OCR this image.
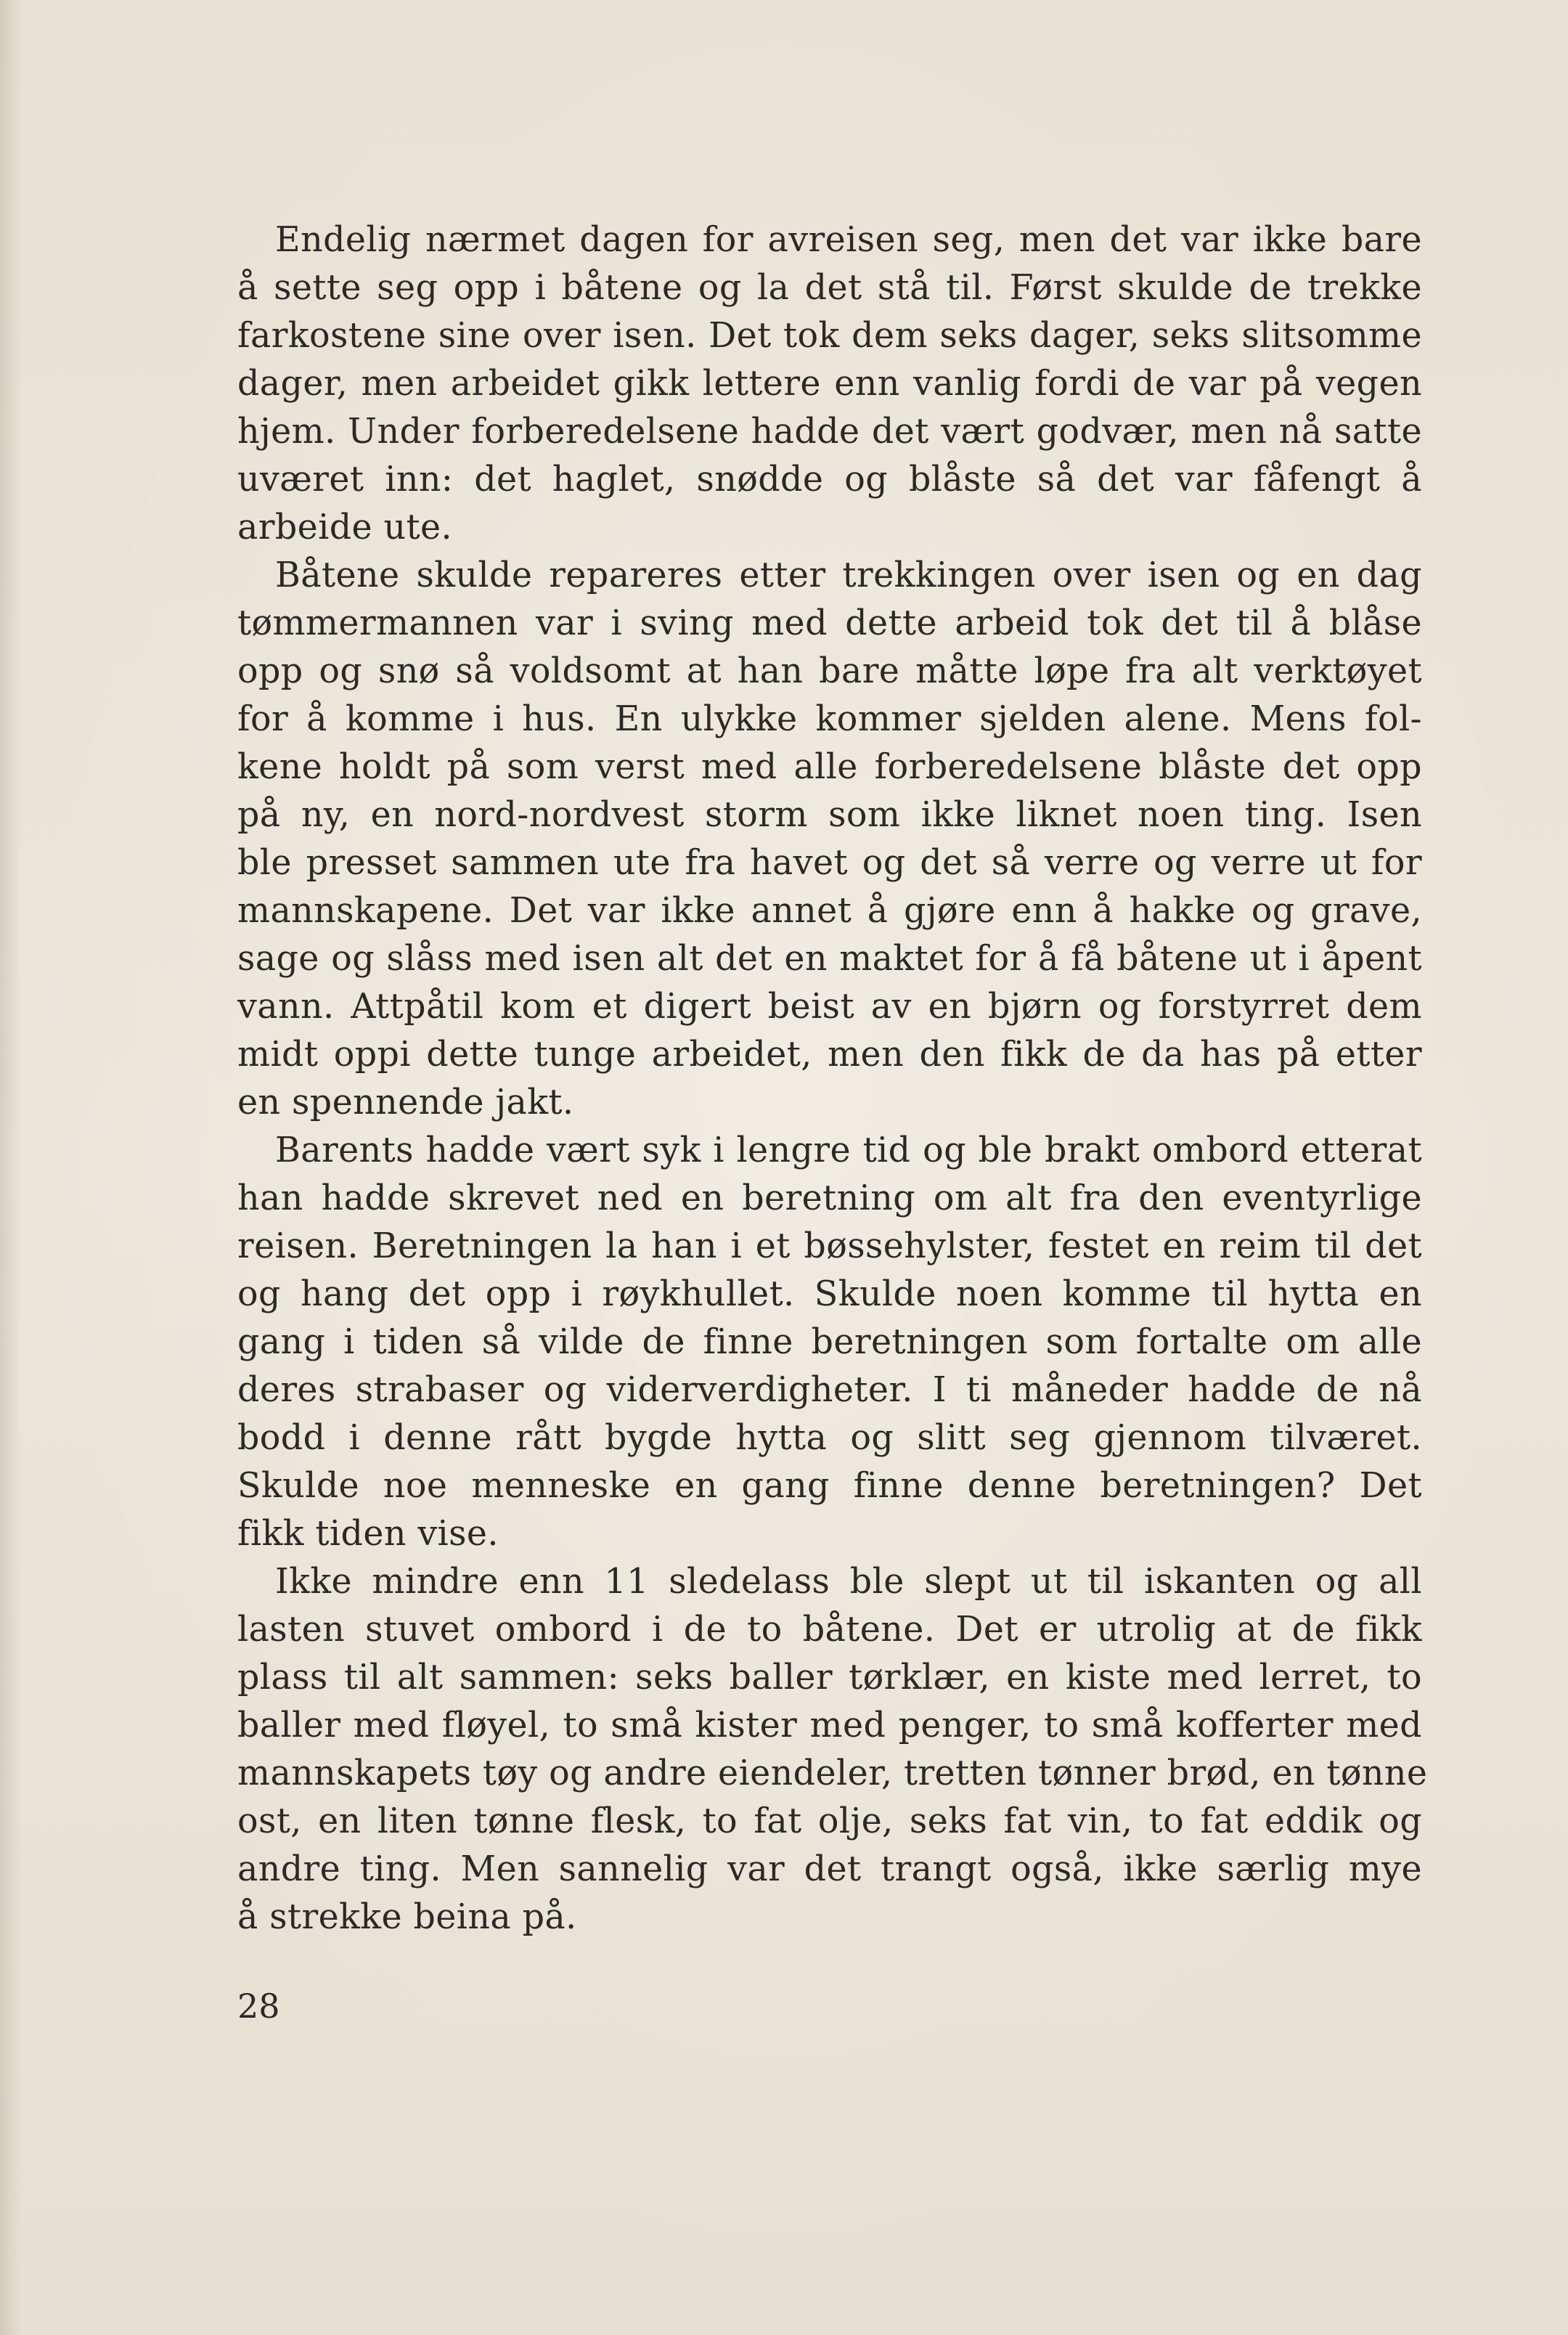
Endelig nærmet dagen for avreisen seg, men det var ikke bare
å sette seg opp i båtene og la det stå til. Først skulde de trekke
farkostene sine over isen. Det tok dem seks dager, seks slitsomme
dager, men arbeidet gikk lettere enn vanlig fordi de var på vegen
hjem. Under forberedelsene hadde det vært godvær, men nå satte
uværet inn: det haglet, snødde og blåste så det var fåfengt å
arbeide ute.
Båtene skulde repareres etter trekkingen over isen og en dag
tømmermannen var i sving med dette arbeid tok det til å blåse
opp og snø så voldsomt at han bare måtte løpe fra alt verktøyet
for å komme i hus. En ulykke kommer sjelden alene. Mens fol-
kene holdt på som verst med alle forberedelsene blåste det opp
på ny, en nord-nordvest storm som ikke liknet noen ting. Isen
ble presset sammen ute fra havet og det så verre og verre ut for
mannskapene. Det var ikke annet å gjøre enn å hakke og grave,
sage og slåss med isen alt det en maktet for å få båtene ut i åpent
vann. Attpåtil kom et digert beist av en bjørn og forstyrret dem
midt oppi dette tunge arbeidet, men den fikk de da has på etter
en spennende jakt.
Barents hadde vært syk i lengre tid og ble brakt ombord etterat
han hadde skrevet ned en beretning om alt fra den eventyrlige
reisen. Beretningen la han i et bøssehylster, festet en reim til det
og hang det opp i røykhullet. Skulde noen komme til hytta en
gang i tiden så vilde de finne beretningen som fortalte om alle
deres strabaser og viderverdigheter. I ti måneder hadde de nå
bodd i denne rått bygde hytta og slitt seg gjennom tilværet.
Skulde noe menneske en gang finne denne beretningen? Det
fikk tiden vise.
Ikke mindre enn 11 sledelass ble slept ut til iskanten og all
lasten stuvet ombord i de to båtene. Det er utrolig at de fikk
plass til alt sammen: seks baller tørklær, en kiste med lerret, to
baller med fløyel, to små kister med penger, to små kofferter med
mannskapets tøy og andre eiendeler, tretten tønner brød, en tønne
ost, en liten tønne flesk, to fat olje, seks fat vin, to fat eddik og
andre ting. Men sannelig var det trangt også, ikke særlig mye
å strekke beina på.
28
